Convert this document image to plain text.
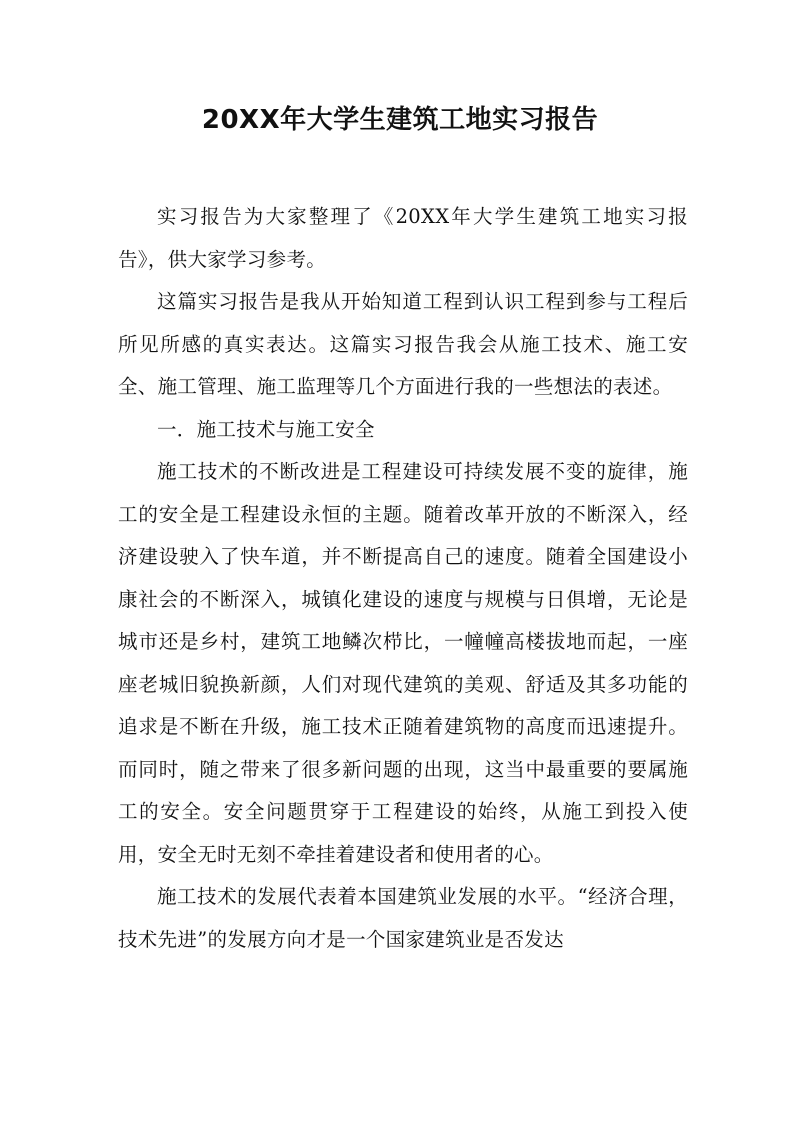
20XX年大学生建筑工地实习报告

实习报告为大家整理了《20XX年大学生建筑工地实习报告》，供大家学习参考。

这篇实习报告是我从开始知道工程到认识工程到参与工程后所见所感的真实表达。这篇实习报告我会从施工技术、施工安全、施工管理、施工监理等几个方面进行我的一些想法的表述。

一．施工技术与施工安全

施工技术的不断改进是工程建设可持续发展不变的旋律，施工的安全是工程建设永恒的主题。随着改革开放的不断深入，经济建设驶入了快车道，并不断提高自己的速度。随着全国建设小康社会的不断深入，城镇化建设的速度与规模与日俱增，无论是城市还是乡村，建筑工地鳞次栉比，一幢幢高楼拔地而起，一座座老城旧貌换新颜，人们对现代建筑的美观、舒适及其多功能的追求是不断在升级，施工技术正随着建筑物的高度而迅速提升。而同时，随之带来了很多新问题的出现，这当中最重要的要属施工的安全。安全问题贯穿于工程建设的始终，从施工到投入使用，安全无时无刻不牵挂着建设者和使用者的心。

施工技术的发展代表着本国建筑业发展的水平。“经济合理，技术先进”的发展方向才是一个国家建筑业是否发达
